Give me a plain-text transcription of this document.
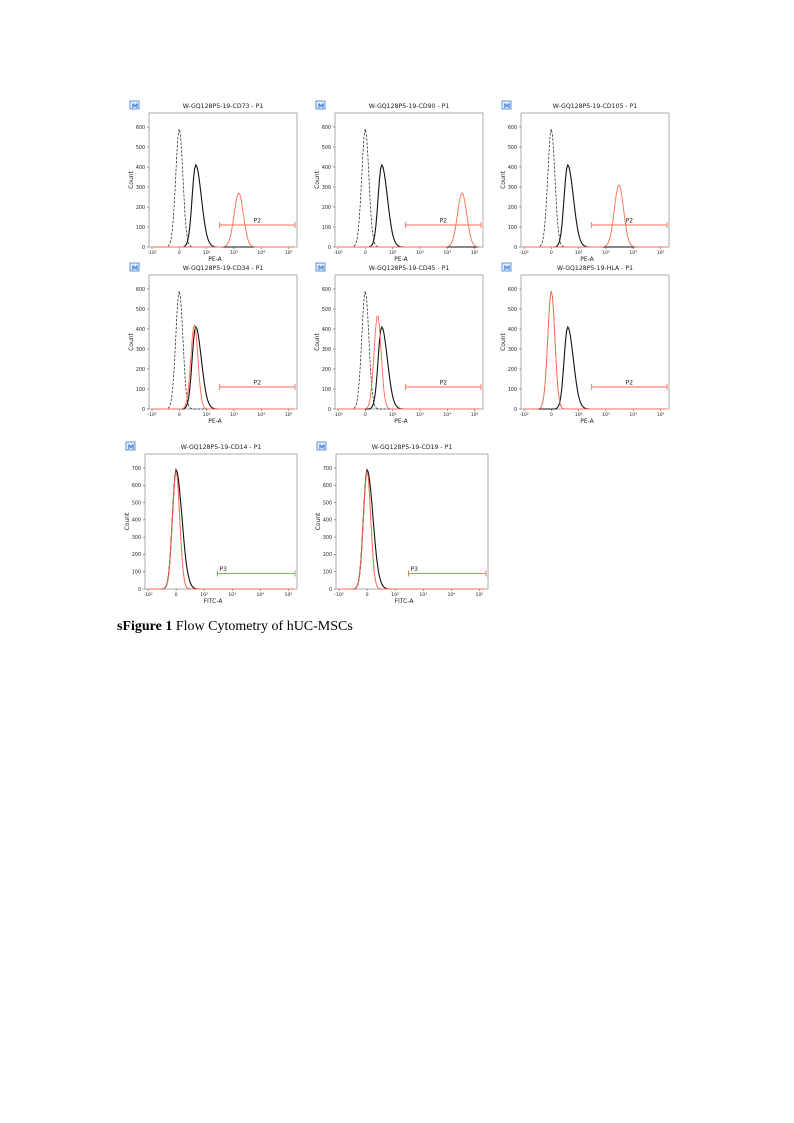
M	W-GQ128P5-19-CD73 - P1
0
100
200
300
400
500
600
Count
-10²	0	10²	10³	10⁴	10⁵
PE-A
P2
M	W-GQ128P5-19-CD90 - P1
0
100
200
300
400
500
600
Count
-10²	0	10²	10³	10⁴	10⁵
PE-A
P2
M	W-GQ128P5-19-CD105 - P1
0
100
200
300
400
500
600
Count
-10²	0	10²	10³	10⁴	10⁵
PE-A
P2
M	W-GQ128P5-19-CD34 - P1
0
100
200
300
400
500
600
Count
-10²	0	10²	10³	10⁴	10⁵
PE-A
P2
M	W-GQ128P5-19-CD45 - P1
0
100
200
300
400
500
600
Count
-10²	0	10²	10³	10⁴	10⁵
PE-A
P2
M	W-GQ128P5-19-HLA - P1
0
100
200
300
400
500
600
Count
-10²	0	10²	10³	10⁴	10⁵
PE-A
P2
M	W-GQ128P5-19-CD14 - P1
0
100
200
300
400
500
600
700
Count
-10²	0	10²	10³	10⁴	10⁵
FITC-A
P3
M	W-GQ128P5-19-CD19 - P1
0
100
200
300
400
500
600
700
Count
-10²	0	10²	10³	10⁴	10⁵
FITC-A
P3

sFigure 1 Flow Cytometry of hUC-MSCs
